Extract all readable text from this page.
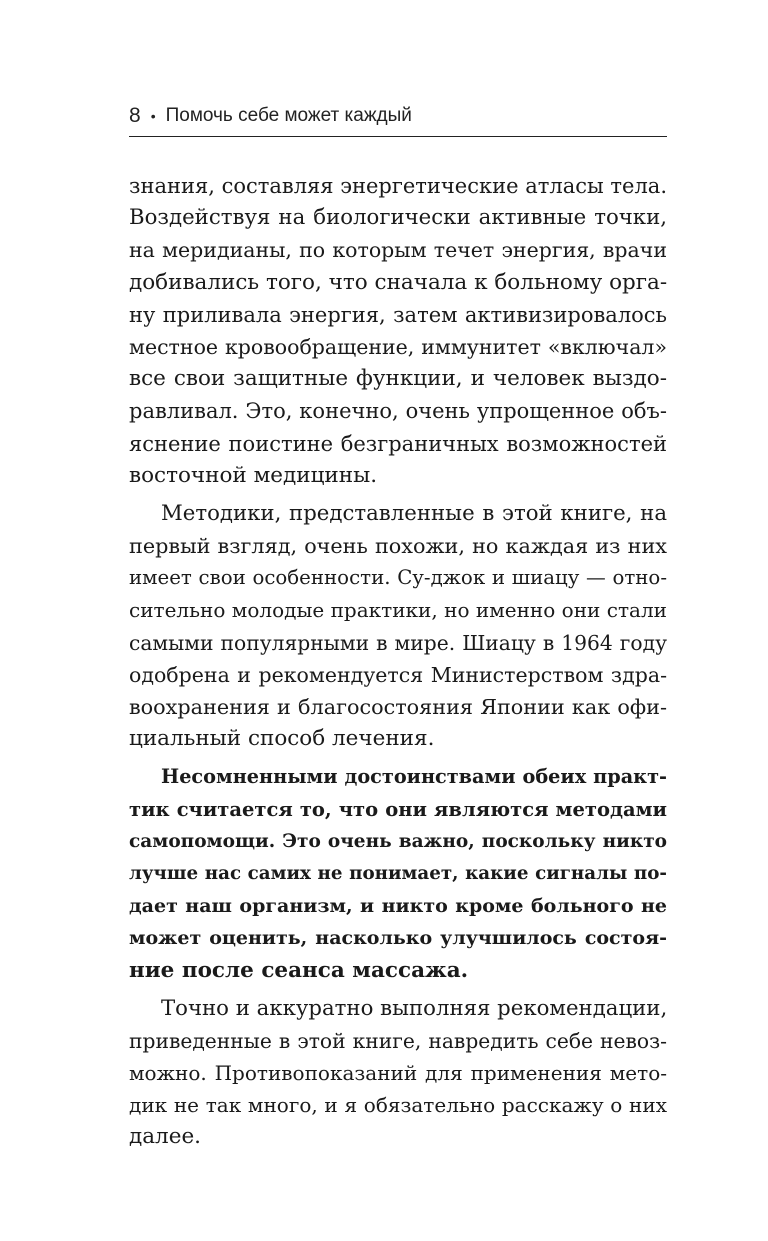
8 • Помочь себе может каждый
знания, составляя энергетические атласы тела.
Воздействуя на биологически активные точки,
на меридианы, по которым течет энергия, врачи
добивались того, что сначала к больному орга-
ну приливала энергия, затем активизировалось
местное кровообращение, иммунитет «включал»
все свои защитные функции, и человек выздо-
равливал. Это, конечно, очень упрощенное объ-
яснение поистине безграничных возможностей
восточной медицины.
Методики, представленные в этой книге, на
первый взгляд, очень похожи, но каждая из них
имеет свои особенности. Су-джок и шиацу — отно-
сительно молодые практики, но именно они стали
самыми популярными в мире. Шиацу в 1964 году
одобрена и рекомендуется Министерством здра-
воохранения и благосостояния Японии как офи-
циальный способ лечения.
Несомненными достоинствами обеих практ-
тик считается то, что они являются методами
самопомощи. Это очень важно, поскольку никто
лучше нас самих не понимает, какие сигналы по-
дает наш организм, и никто кроме больного не
может оценить, насколько улучшилось состоя-
ние после сеанса массажа.
Точно и аккуратно выполняя рекомендации,
приведенные в этой книге, навредить себе невоз-
можно. Противопоказаний для применения мето-
дик не так много, и я обязательно расскажу о них
далее.
